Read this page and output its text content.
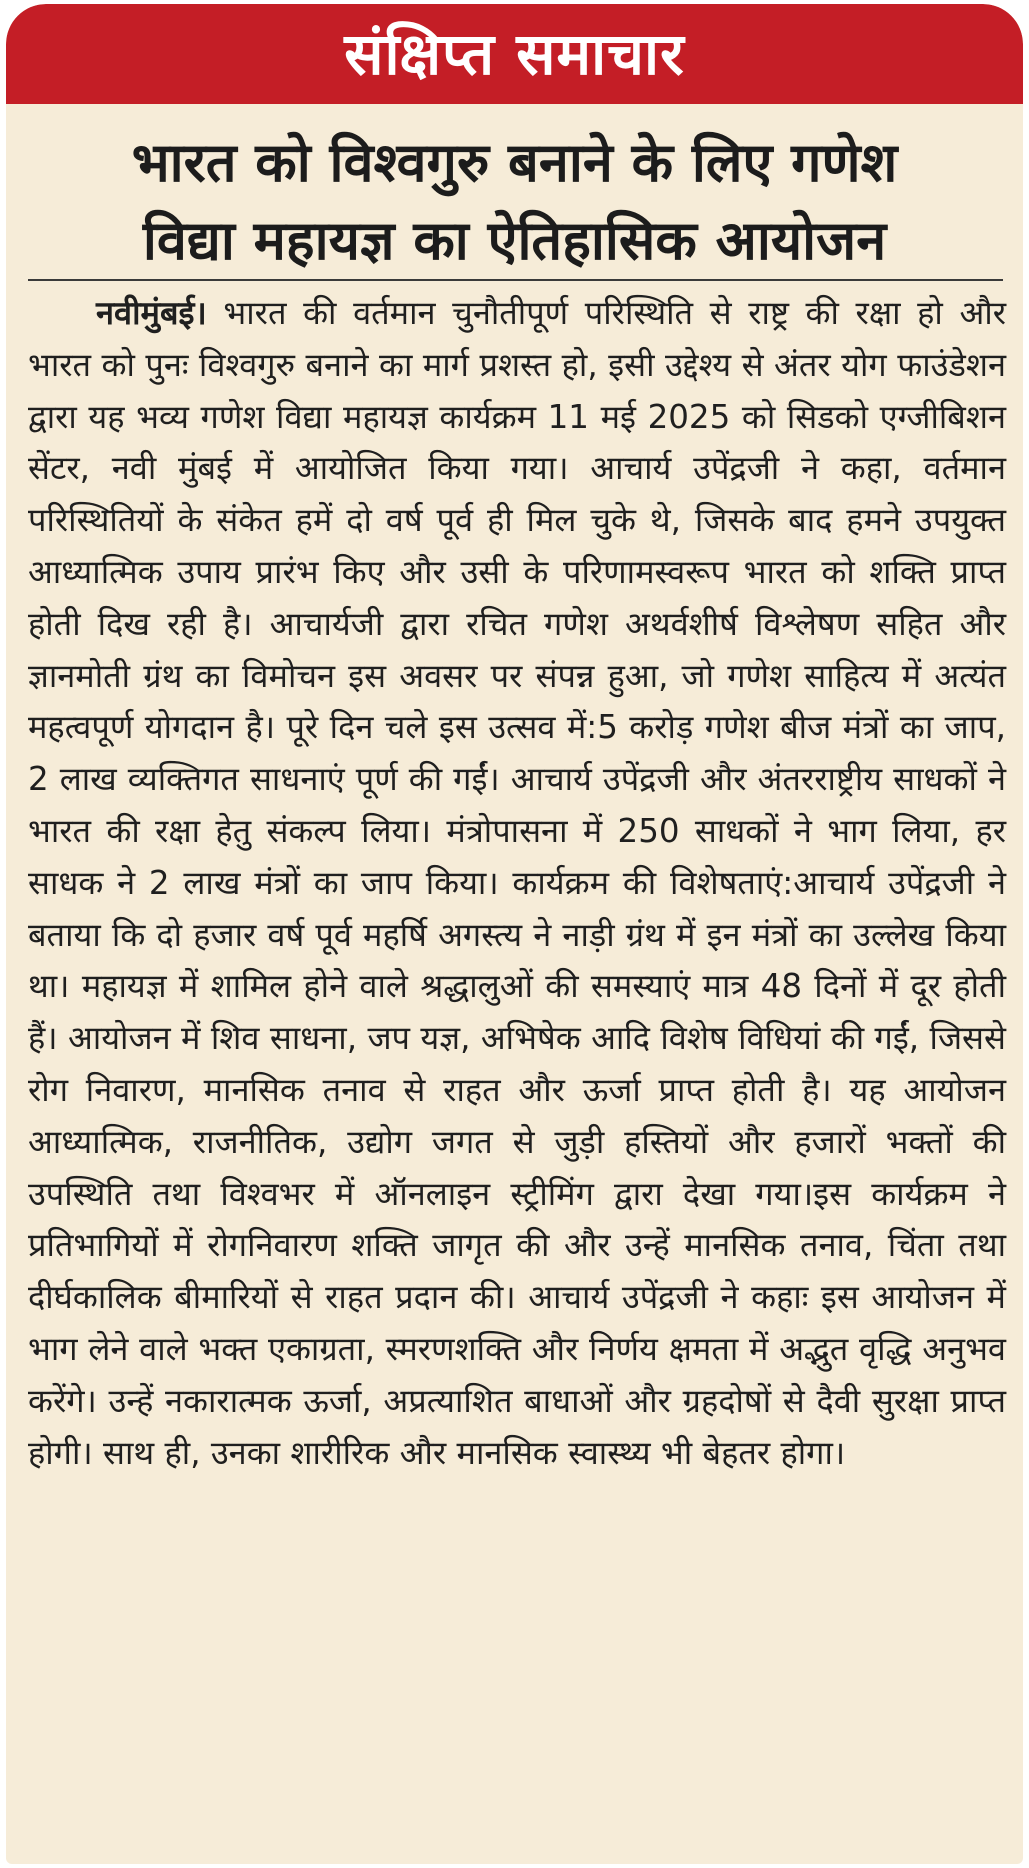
संक्षिप्त समाचार
भारत को विश्वगुरु बनाने के लिए गणेश
विद्या महायज्ञ का ऐतिहासिक आयोजन

नवीमुंबई। भारत की वर्तमान चुनौतीपूर्ण परिस्थिति से राष्ट्र की रक्षा हो और भारत को पुनः विश्वगुरु बनाने का मार्ग प्रशस्त हो, इसी उद्देश्य से अंतर योग फाउंडेशन द्वारा यह भव्य गणेश विद्या महायज्ञ कार्यक्रम 11 मई 2025 को सिडको एग्जीबिशन सेंटर, नवी मुंबई में आयोजित किया गया। आचार्य उपेंद्रजी ने कहा, वर्तमान परिस्थितियों के संकेत हमें दो वर्ष पूर्व ही मिल चुके थे, जिसके बाद हमने उपयुक्त आध्यात्मिक उपाय प्रारंभ किए और उसी के परिणामस्वरूप भारत को शक्ति प्राप्त होती दिख रही है। आचार्यजी द्वारा रचित गणेश अथर्वशीर्ष विश्लेषण सहित और ज्ञानमोती ग्रंथ का विमोचन इस अवसर पर संपन्न हुआ, जो गणेश साहित्य में अत्यंत महत्वपूर्ण योगदान है। पूरे दिन चले इस उत्सव में:5 करोड़ गणेश बीज मंत्रों का जाप, 2 लाख व्यक्तिगत साधनाएं पूर्ण की गईं। आचार्य उपेंद्रजी और अंतरराष्ट्रीय साधकों ने भारत की रक्षा हेतु संकल्प लिया। मंत्रोपासना में 250 साधकों ने भाग लिया, हर साधक ने 2 लाख मंत्रों का जाप किया। कार्यक्रम की विशेषताएं:आचार्य उपेंद्रजी ने बताया कि दो हजार वर्ष पूर्व महर्षि अगस्त्य ने नाड़ी ग्रंथ में इन मंत्रों का उल्लेख किया था। महायज्ञ में शामिल होने वाले श्रद्धालुओं की समस्याएं मात्र 48 दिनों में दूर होती हैं। आयोजन में शिव साधना, जप यज्ञ, अभिषेक आदि विशेष विधियां की गईं, जिससे रोग निवारण, मानसिक तनाव से राहत और ऊर्जा प्राप्त होती है। यह आयोजन आध्यात्मिक, राजनीतिक, उद्योग जगत से जुड़ी हस्तियों और हजारों भक्तों की उपस्थिति तथा विश्वभर में ऑनलाइन स्ट्रीमिंग द्वारा देखा गया।इस कार्यक्रम ने प्रतिभागियों में रोगनिवारण शक्ति जागृत की और उन्हें मानसिक तनाव, चिंता तथा दीर्घकालिक बीमारियों से राहत प्रदान की। आचार्य उपेंद्रजी ने कहाः इस आयोजन में भाग लेने वाले भक्त एकाग्रता, स्मरणशक्ति और निर्णय क्षमता में अद्भुत वृद्धि अनुभव करेंगे। उन्हें नकारात्मक ऊर्जा, अप्रत्याशित बाधाओं और ग्रहदोषों से दैवी सुरक्षा प्राप्त होगी। साथ ही, उनका शारीरिक और मानसिक स्वास्थ्य भी बेहतर होगा।
